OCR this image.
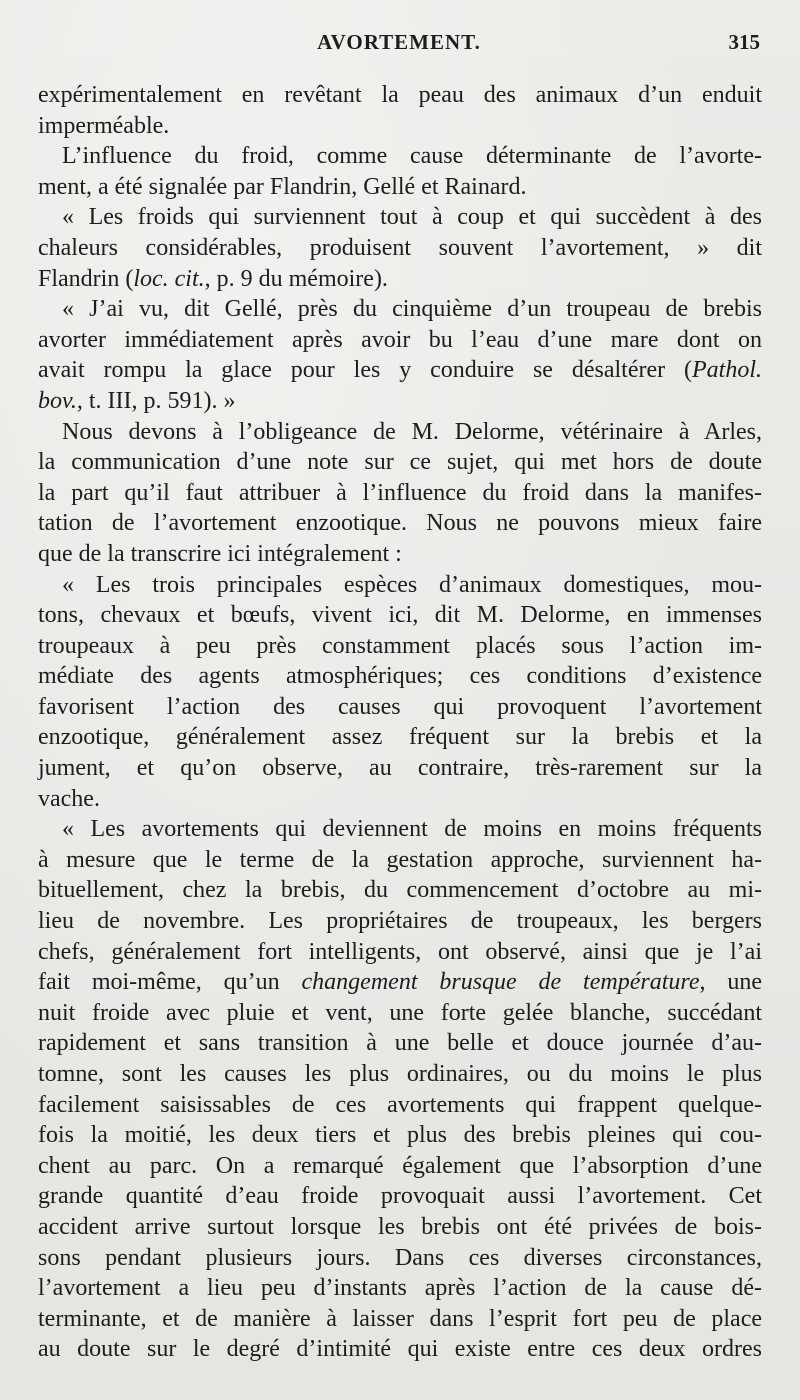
AVORTEMENT.	315
expérimentalement en revêtant la peau des animaux d’un enduit
imperméable.
L’influence du froid, comme cause déterminante de l’avorte-
ment, a été signalée par Flandrin, Gellé et Rainard.
« Les froids qui surviennent tout à coup et qui succèdent à des
chaleurs considérables, produisent souvent l’avortement, » dit
Flandrin (loc. cit., p. 9 du mémoire).
« J’ai vu, dit Gellé, près du cinquième d’un troupeau de brebis
avorter immédiatement après avoir bu l’eau d’une mare dont on
avait rompu la glace pour les y conduire se désaltérer (Pathol.
bov., t. III, p. 591). »
Nous devons à l’obligeance de M. Delorme, vétérinaire à Arles,
la communication d’une note sur ce sujet, qui met hors de doute
la part qu’il faut attribuer à l’influence du froid dans la manifes-
tation de l’avortement enzootique. Nous ne pouvons mieux faire
que de la transcrire ici intégralement :
« Les trois principales espèces d’animaux domestiques, mou-
tons, chevaux et bœufs, vivent ici, dit M. Delorme, en immenses
troupeaux à peu près constamment placés sous l’action im-
médiate des agents atmosphériques; ces conditions d’existence
favorisent l’action des causes qui provoquent l’avortement
enzootique, généralement assez fréquent sur la brebis et la
jument, et qu’on observe, au contraire, très-rarement sur la
vache.
« Les avortements qui deviennent de moins en moins fréquents
à mesure que le terme de la gestation approche, surviennent ha-
bituellement, chez la brebis, du commencement d’octobre au mi-
lieu de novembre. Les propriétaires de troupeaux, les bergers
chefs, généralement fort intelligents, ont observé, ainsi que je l’ai
fait moi-même, qu’un changement brusque de température, une
nuit froide avec pluie et vent, une forte gelée blanche, succédant
rapidement et sans transition à une belle et douce journée d’au-
tomne, sont les causes les plus ordinaires, ou du moins le plus
facilement saisissables de ces avortements qui frappent quelque-
fois la moitié, les deux tiers et plus des brebis pleines qui cou-
chent au parc. On a remarqué également que l’absorption d’une
grande quantité d’eau froide provoquait aussi l’avortement. Cet
accident arrive surtout lorsque les brebis ont été privées de bois-
sons pendant plusieurs jours. Dans ces diverses circonstances,
l’avortement a lieu peu d’instants après l’action de la cause dé-
terminante, et de manière à laisser dans l’esprit fort peu de place
au doute sur le degré d’intimité qui existe entre ces deux ordres
